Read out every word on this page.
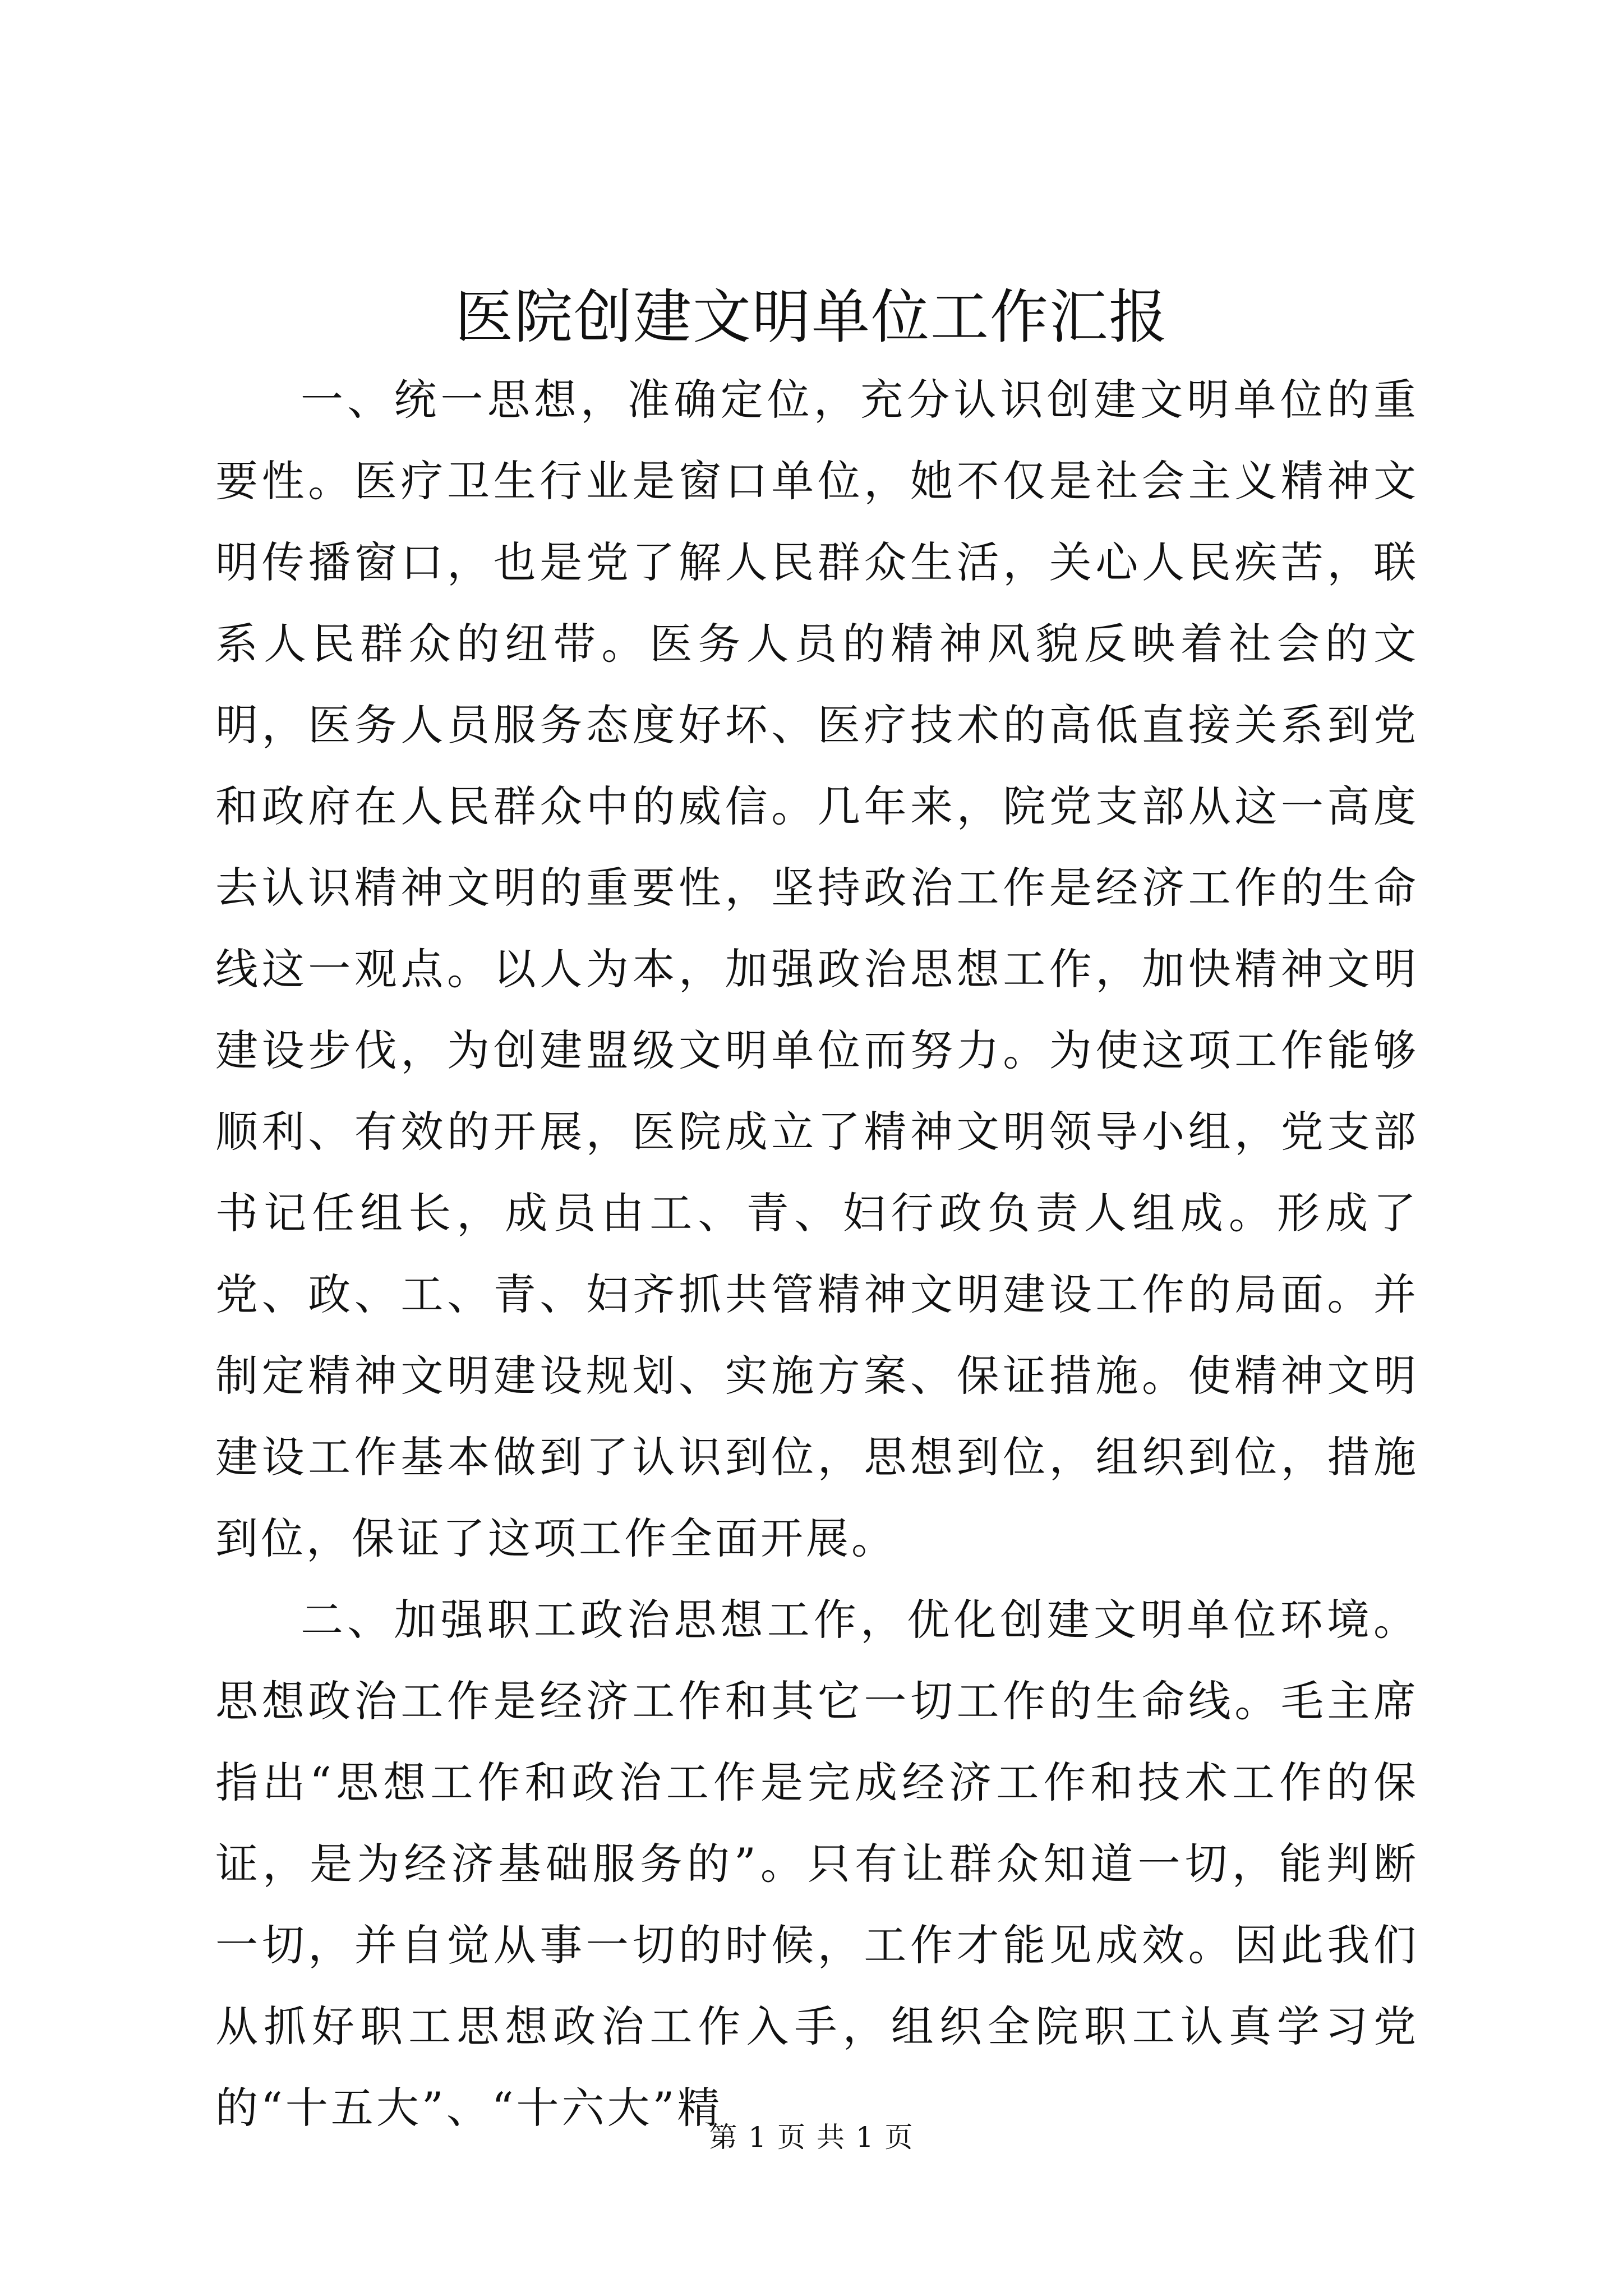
医院创建文明单位工作汇报

一、统一思想，准确定位，充分认识创建文明单位的重要性。医疗卫生行业是窗口单位，她不仅是社会主义精神文明传播窗口，也是党了解人民群众生活，关心人民疾苦，联系人民群众的纽带。医务人员的精神风貌反映着社会的文明，医务人员服务态度好坏、医疗技术的高低直接关系到党和政府在人民群众中的威信。几年来，院党支部从这一高度去认识精神文明的重要性，坚持政治工作是经济工作的生命线这一观点。以人为本，加强政治思想工作，加快精神文明建设步伐，为创建盟级文明单位而努力。为使这项工作能够顺利、有效的开展，医院成立了精神文明领导小组，党支部书记任组长，成员由工、青、妇行政负责人组成。形成了党、政、工、青、妇齐抓共管精神文明建设工作的局面。并制定精神文明建设规划、实施方案、保证措施。使精神文明建设工作基本做到了认识到位，思想到位，组织到位，措施到位，保证了这项工作全面开展。

二、加强职工政治思想工作，优化创建文明单位环境。思想政治工作是经济工作和其它一切工作的生命线。毛主席指出“思想工作和政治工作是完成经济工作和技术工作的保证，是为经济基础服务的”。只有让群众知道一切，能判断一切，并自觉从事一切的时候，工作才能见成效。因此我们从抓好职工思想政治工作入手，组织全院职工认真学习党的“十五大”、“十六大”精

第 1 页 共 1 页
